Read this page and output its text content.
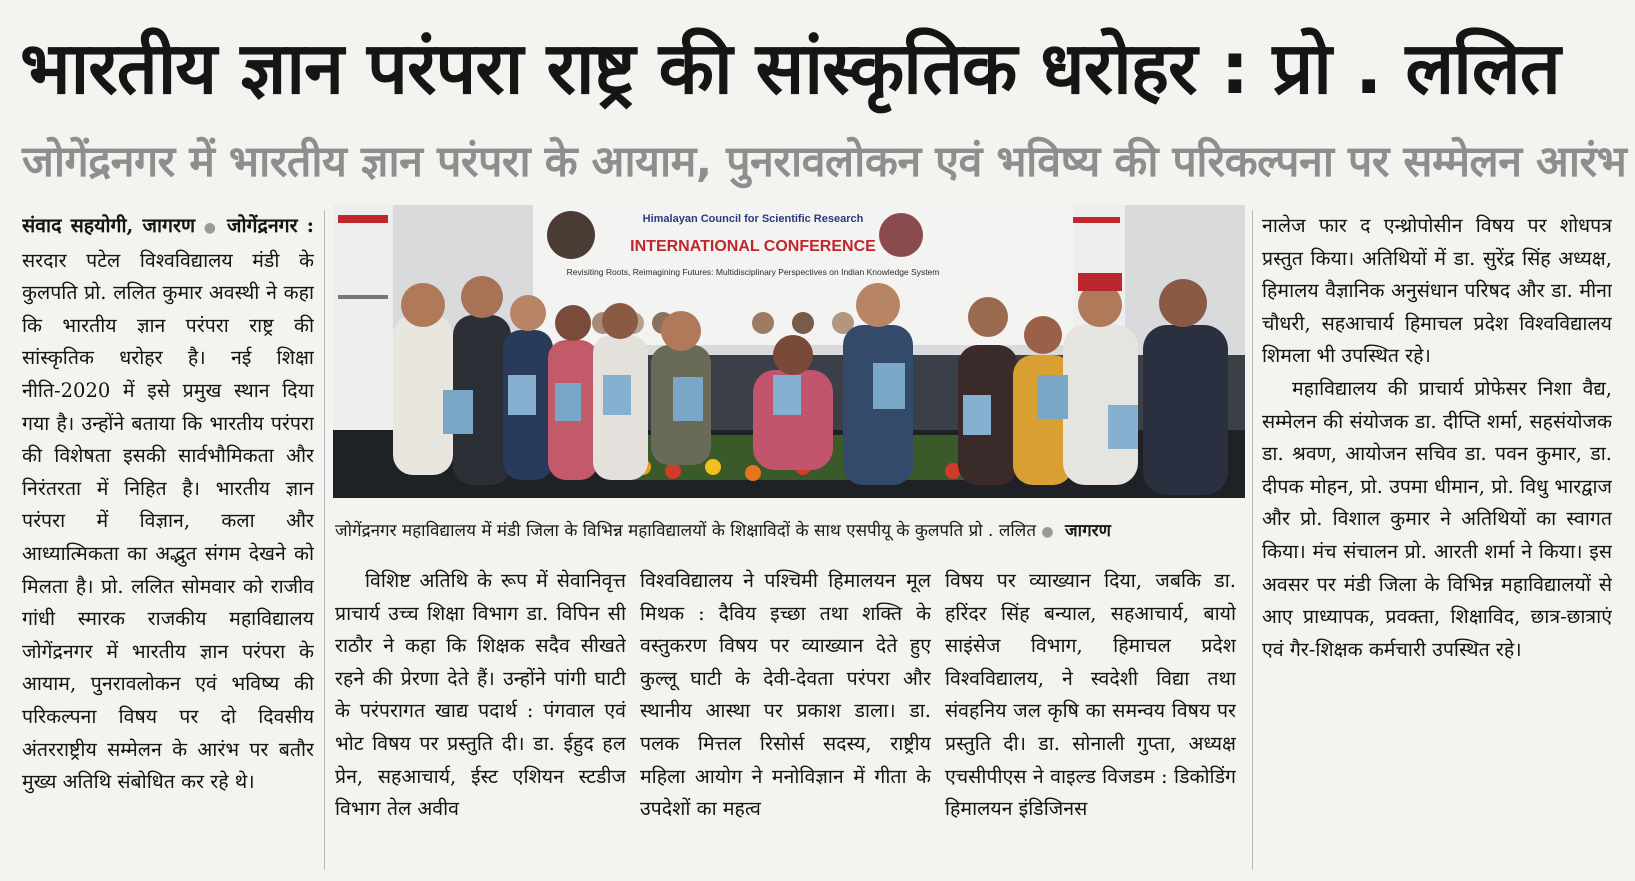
भारतीय ज्ञान परंपरा राष्ट्र की सांस्कृतिक धरोहर : प्रो . ललित
जोगेंद्रनगर में भारतीय ज्ञान परंपरा के आयाम, पुनरावलोकन एवं भविष्य की परिकल्पना पर सम्मेलन आरंभ

संवाद सहयोगी, जागरण ● जोगेंद्रनगर : सरदार पटेल विश्वविद्यालय मंडी के कुलपति प्रो. ललित कुमार अवस्थी ने कहा कि भारतीय ज्ञान परंपरा राष्ट्र की सांस्कृतिक धरोहर है। नई शिक्षा नीति-2020 में इसे प्रमुख स्थान दिया गया है। उन्होंने बताया कि भारतीय परंपरा की विशेषता इसकी सार्वभौमिकता और निरंतरता में निहित है। भारतीय ज्ञान परंपरा में विज्ञान, कला और आध्यात्मिकता का अद्भुत संगम देखने को मिलता है। प्रो. ललित सोमवार को राजीव गांधी स्मारक राजकीय महाविद्यालय जोगेंद्रनगर में भारतीय ज्ञान परंपरा के आयाम, पुनरावलोकन एवं भविष्य की परिकल्पना विषय पर दो दिवसीय अंतरराष्ट्रीय सम्मेलन के आरंभ पर बतौर मुख्य अतिथि संबोधित कर रहे थे।

Himalayan Council for Scientific Research
INTERNATIONAL CONFERENCE
Revisiting Roots, Reimagining Futures: Multidisciplinary Perspectives on Indian Knowledge System

जोगेंद्रनगर महाविद्यालय में मंडी जिला के विभिन्न महाविद्यालयों के शिक्षाविदों के साथ एसपीयू के कुलपति प्रो . ललित ● जागरण

विशिष्ट अतिथि के रूप में सेवानिवृत्त प्राचार्य उच्च शिक्षा विभाग डा. विपिन सी राठौर ने कहा कि शिक्षक सदैव सीखते रहने की प्रेरणा देते हैं। उन्होंने पांगी घाटी के परंपरागत खाद्य पदार्थ : पंगवाल एवं भोट विषय पर प्रस्तुति दी। डा. ईहुद हल प्रेन, सहआचार्य, ईस्ट एशियन स्टडीज विभाग तेल अवीव

विश्वविद्यालय ने पश्चिमी हिमालयन मूल मिथक : दैविय इच्छा तथा शक्ति के वस्तुकरण विषय पर व्याख्यान देते हुए कुल्लू घाटी के देवी-देवता परंपरा और स्थानीय आस्था पर प्रकाश डाला। डा. पलक मित्तल रिसोर्स सदस्य, राष्ट्रीय महिला आयोग ने मनोविज्ञान में गीता के उपदेशों का महत्व

विषय पर व्याख्यान दिया, जबकि डा. हरिंदर सिंह बन्याल, सहआचार्य, बायो साइंसेज विभाग, हिमाचल प्रदेश विश्वविद्यालय, ने स्वदेशी विद्या तथा संवहनिय जल कृषि का समन्वय विषय पर प्रस्तुति दी। डा. सोनाली गुप्ता, अध्यक्ष एचसीपीएस ने वाइल्ड विजडम : डिकोडिंग हिमालयन इंडिजिनस

नालेज फार द एन्थ्रोपोसीन विषय पर शोधपत्र प्रस्तुत किया। अतिथियों में डा. सुरेंद्र सिंह अध्यक्ष, हिमालय वैज्ञानिक अनुसंधान परिषद और डा. मीना चौधरी, सहआचार्य हिमाचल प्रदेश विश्वविद्यालय शिमला भी उपस्थित रहे।

महाविद्यालय की प्राचार्य प्रोफेसर निशा वैद्य, सम्मेलन की संयोजक डा. दीप्ति शर्मा, सहसंयोजक डा. श्रवण, आयोजन सचिव डा. पवन कुमार, डा. दीपक मोहन, प्रो. उपमा धीमान, प्रो. विधु भारद्वाज और प्रो. विशाल कुमार ने अतिथियों का स्वागत किया। मंच संचालन प्रो. आरती शर्मा ने किया। इस अवसर पर मंडी जिला के विभिन्न महाविद्यालयों से आए प्राध्यापक, प्रवक्ता, शिक्षाविद, छात्र-छात्राएं एवं गैर-शिक्षक कर्मचारी उपस्थित रहे।
